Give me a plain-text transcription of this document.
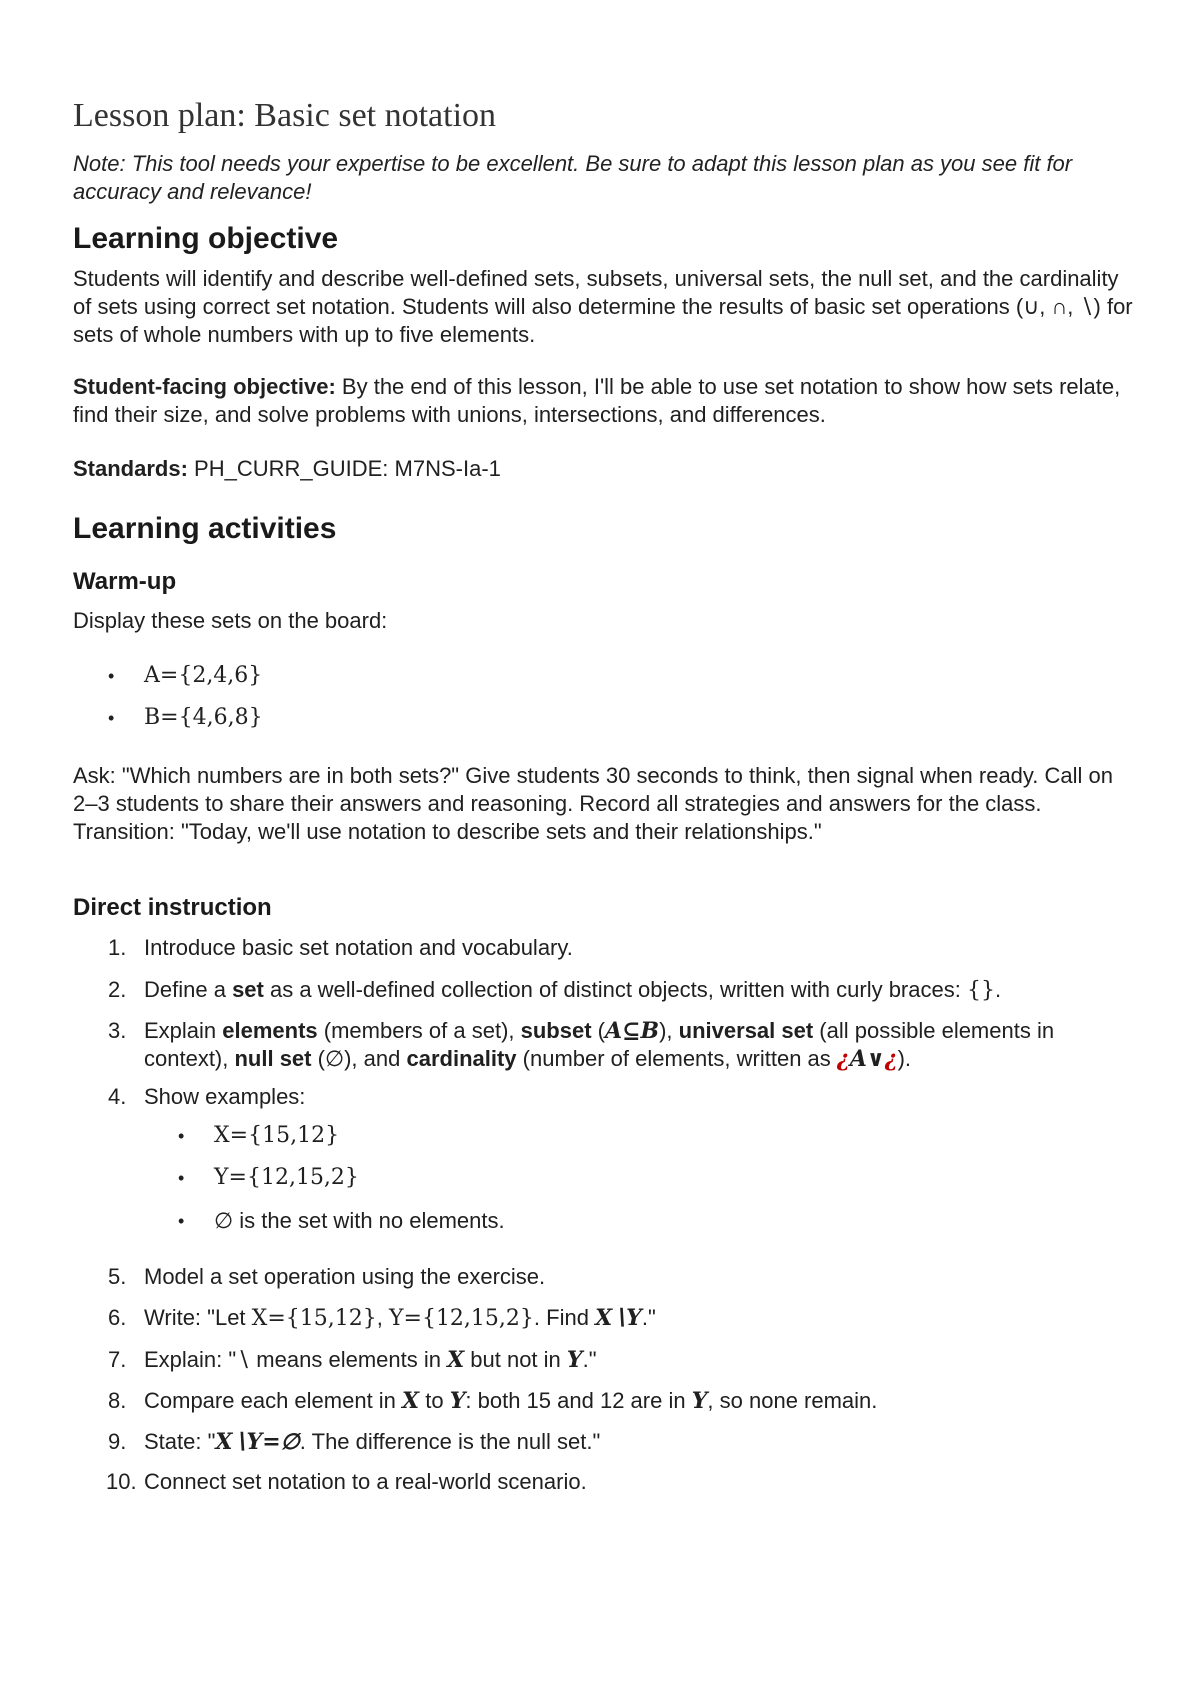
Lesson plan: Basic set notation

Note: This tool needs your expertise to be excellent. Be sure to adapt this lesson plan as you see fit for accuracy and relevance!

Learning objective

Students will identify and describe well-defined sets, subsets, universal sets, the null set, and the cardinality of sets using correct set notation. Students will also determine the results of basic set operations (∪, ∩, ∖) for sets of whole numbers with up to five elements.

Student-facing objective: By the end of this lesson, I'll be able to use set notation to show how sets relate, find their size, and solve problems with unions, intersections, and differences.

Standards: PH_CURR_GUIDE: M7NS-Ia-1

Learning activities
Warm-up

Display these sets on the board:

• A={2,4,6}
• B={4,6,8}

Ask: "Which numbers are in both sets?" Give students 30 seconds to think, then signal when ready. Call on 2–3 students to share their answers and reasoning. Record all strategies and answers for the class. Transition: "Today, we'll use notation to describe sets and their relationships."

Direct instruction
1. Introduce basic set notation and vocabulary.
2. Define a set as a well-defined collection of distinct objects, written with curly braces: {}.
3. Explain elements (members of a set), subset (A⊆B), universal set (all possible elements in context), null set (∅), and cardinality (number of elements, written as ¿A∨¿).
4. Show examples:
• X={15,12}
• Y={12,15,2}
• ∅ is the set with no elements.
5. Model a set operation using the exercise.
6. Write: "Let X={15,12}, Y={12,15,2}. Find X∖Y."
7. Explain: "∖ means elements in X but not in Y."
8. Compare each element in X to Y: both 15 and 12 are in Y, so none remain.
9. State: "X∖Y=∅. The difference is the null set."
10. Connect set notation to a real-world scenario.
